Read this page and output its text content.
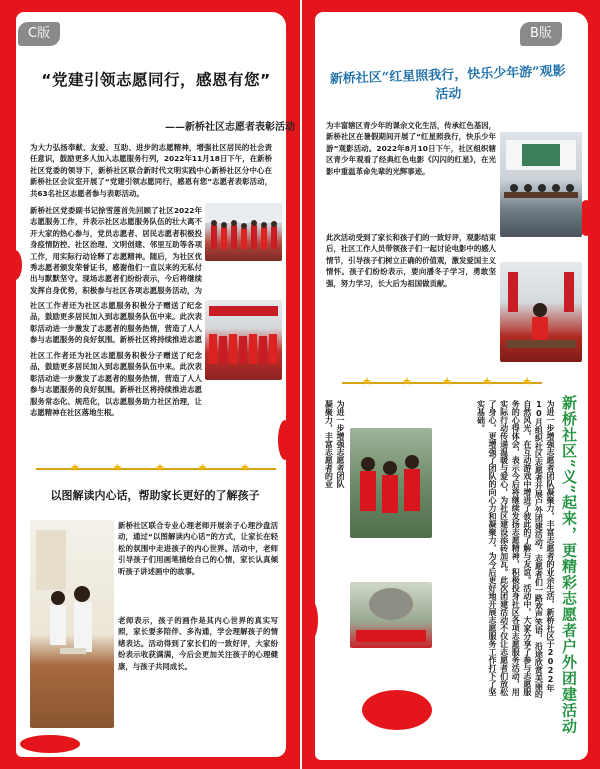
C版
“党建引领志愿同行，感恩有您”
——新桥社区志愿者表彰活动
为大力弘扬奉献、友爱、互助、进步的志愿精神，增强社区居民的社会责任意识，鼓励更多人加入志愿服务行列，2022年11月18日下午，在新桥社区党委的领导下，新桥社区联合新时代文明实践中心新桥社区分中心在新桥社区会议室开展了“党建引领志愿同行，感恩有您”志愿者表彰活动，共63名社区志愿者参与表彰活动。
新桥社区党委副书记徐雪莲首先回顾了社区2022年志愿服务工作，并表示社区志愿服务队伍的壮大离不开大家的热心参与，党员志愿者、居民志愿者积极投身疫情防控、社区治理、文明创建、邻里互助等各项工作，用实际行动诠释了志愿精神。随后，为社区优秀志愿者颁发荣誉证书，感谢他们一直以来的无私付出与默默坚守。现场志愿者们纷纷表示，今后将继续发挥自身优势，积极参与社区各项志愿服务活动，为
社区工作者还为社区志愿服务积极分子赠送了纪念品，鼓励更多居民加入到志愿服务队伍中来。此次表彰活动进一步激发了志愿者的服务热情，营造了人人参与志愿服务的良好氛围。新桥社区将持续推进志愿
社区工作者还为社区志愿服务积极分子赠送了纪念品，鼓励更多居民加入到志愿服务队伍中来。此次表彰活动进一步激发了志愿者的服务热情，营造了人人参与志愿服务的良好氛围。新桥社区将持续推进志愿服务常态化、规范化，以志愿服务助力社区治理，让志愿精神在社区落地生根。
★	★	★	★	★
以图解读内心话，帮助家长更好的了解孩子
新桥社区联合专业心理老师开展亲子心理沙盘活动，通过“以图解读内心话”的方式，让家长在轻松的氛围中走进孩子的内心世界。活动中，老师引导孩子们用画笔描绘自己的心情，家长认真倾听孩子讲述画中的故事。
老师表示，孩子的画作是其内心世界的真实写照，家长要多陪伴、多沟通，学会理解孩子的情绪表达。活动得到了家长们的一致好评，大家纷纷表示收获满满，今后会更加关注孩子的心理健康，与孩子共同成长。
B版
新桥社区“红星照我行，快乐少年游”观影活动
为丰富辖区青少年的课余文化生活，传承红色基因，新桥社区在暑假期间开展了“红星照我行，快乐少年游”观影活动。2022年8月10日下午，社区组织辖区青少年观看了经典红色电影《闪闪的红星》，在光影中重温革命先辈的光辉事迹。
此次活动受到了家长和孩子们的一致好评，观影结束后，社区工作人员带领孩子们一起讨论电影中的感人情节，引导孩子们树立正确的价值观，激发爱国主义情怀。孩子们纷纷表示，要向潘冬子学习，勇敢坚强，努力学习，长大后为祖国做贡献。
★	★	★	★	★
新桥社区“义”起来，更精彩志愿者户外团建活动
为进一步增强志愿者团队凝聚力，丰富志愿者的业余生活，新桥社区于2022年10月组织社区志愿者开展户外团建活动。志愿者们一路欢声笑语，沿途欣赏美丽的自然风光，在互动游戏中增进了彼此的了解与友谊。活动中，大家分享了参与志愿服务的心得体会，表示今后将继续发扬志愿精神，积极投身社区各项志愿服务活动，用实际行动传递温暖与爱心，为社区建设添砖加瓦。此次团建活动不仅让志愿者们放松了身心，更增强了团队的向心力和凝聚力，为今后更好地开展志愿服务工作打下了坚实基础。
为进一步增强志愿者团队凝聚力，丰富志愿者的业
